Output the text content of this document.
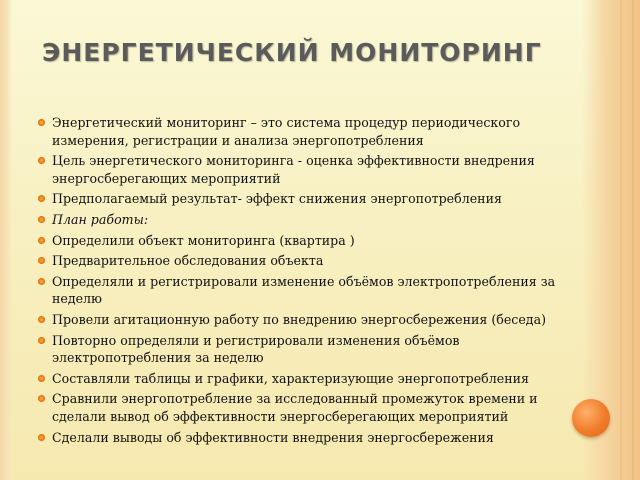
ЭНЕРГЕТИЧЕСКИЙ МОНИТОРИНГ
Энергетический мониторинг – это система процедур периодического измерения, регистрации и анализа энергопотребления
Цель энергетического мониторинга - оценка эффективности внедрения энергосберегающих мероприятий
Предполагаемый результат- эффект снижения энергопотребления
План работы:
Определили объект мониторинга (квартира )
Предварительное обследования объекта
Определяли и регистрировали изменение объёмов электропотребления за неделю
Провели агитационную работу по внедрению энергосбережения (беседа)
Повторно определяли и регистрировали изменения объёмов электропотребления за неделю
Составляли таблицы и графики, характеризующие энергопотребления
Сравнили энергопотребление за исследованный промежуток времени и сделали вывод об эффективности энергосберегающих мероприятий
Сделали выводы об эффективности внедрения энергосбережения
